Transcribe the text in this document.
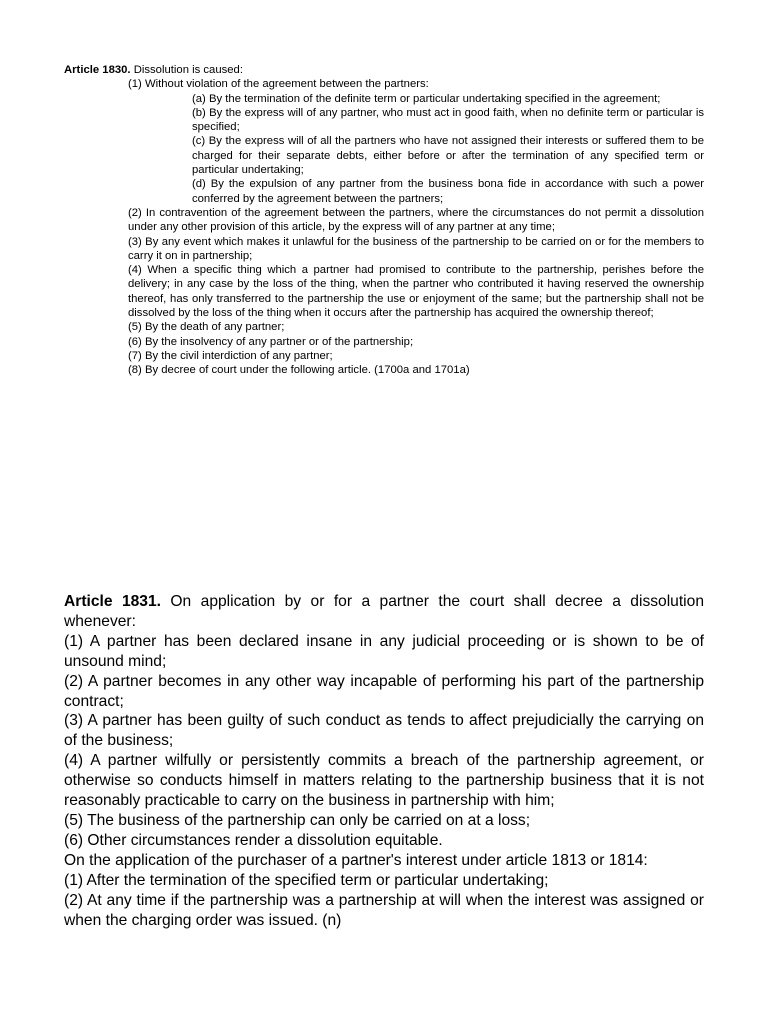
Article 1830. Dissolution is caused:

(1) Without violation of the agreement between the partners:

(a) By the termination of the definite term or particular undertaking specified in the agreement;

(b) By the express will of any partner, who must act in good faith, when no definite term or particular is specified;

(c) By the express will of all the partners who have not assigned their interests or suffered them to be charged for their separate debts, either before or after the termination of any specified term or particular undertaking;

(d) By the expulsion of any partner from the business bona fide in accordance with such a power conferred by the agreement between the partners;

(2) In contravention of the agreement between the partners, where the circumstances do not permit a dissolution under any other provision of this article, by the express will of any partner at any time;

(3) By any event which makes it unlawful for the business of the partnership to be carried on or for the members to carry it on in partnership;

(4) When a specific thing which a partner had promised to contribute to the partnership, perishes before the delivery; in any case by the loss of the thing, when the partner who contributed it having reserved the ownership thereof, has only transferred to the partnership the use or enjoyment of the same; but the partnership shall not be dissolved by the loss of the thing when it occurs after the partnership has acquired the ownership thereof;

(5) By the death of any partner;

(6) By the insolvency of any partner or of the partnership;

(7) By the civil interdiction of any partner;

(8) By decree of court under the following article. (1700a and 1701a)

Article 1831. On application by or for a partner the court shall decree a dissolution whenever:

(1) A partner has been declared insane in any judicial proceeding or is shown to be of unsound mind;

(2) A partner becomes in any other way incapable of performing his part of the partnership contract;

(3) A partner has been guilty of such conduct as tends to affect prejudicially the carrying on of the business;

(4) A partner wilfully or persistently commits a breach of the partnership agreement, or otherwise so conducts himself in matters relating to the partnership business that it is not reasonably practicable to carry on the business in partnership with him;

(5) The business of the partnership can only be carried on at a loss;

(6) Other circumstances render a dissolution equitable.

On the application of the purchaser of a partner's interest under article 1813 or 1814:

(1) After the termination of the specified term or particular undertaking;

(2) At any time if the partnership was a partnership at will when the interest was assigned or when the charging order was issued. (n)
